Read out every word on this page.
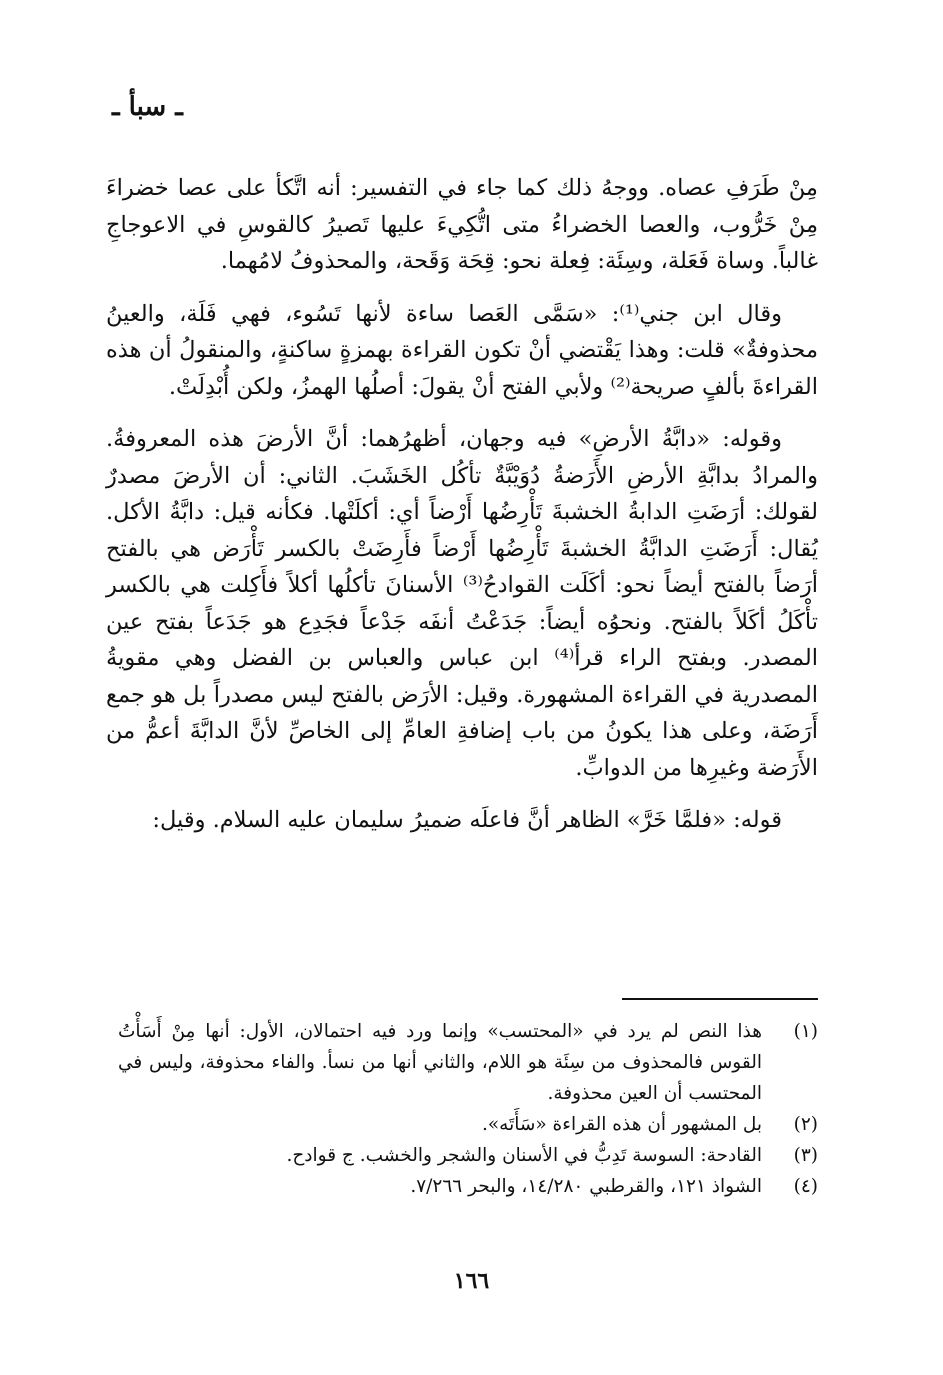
ـ سبأ ـ

مِنْ طَرَفِ عصاه. ووجهُ ذلك كما جاء في التفسير: أنه اتَّكأ على عصا خضراءَ مِنْ خَرُّوب، والعصا الخضراءُ متى اتُّكِيءَ عليها تَصيرُ كالقوسِ في الاعوجاجِ غالباً. وساة فَعَلة، وسِئَة: فِعلة نحو: قِحَة وَقَحة، والمحذوفُ لامُهما.

وقال ابن جني⁽¹⁾: «سَمَّى العَصا ساءة لأنها تَسُوء، فهي فَلَة، والعينُ محذوفةٌ» قلت: وهذا يَقْتضي أنْ تكون القراءة بهمزةٍ ساكنةٍ، والمنقولُ أن هذه القراءةَ بألفٍ صريحة⁽²⁾ ولأبي الفتح أنْ يقولَ: أصلُها الهمزُ، ولكن أُبْدِلَتْ.

وقوله: «دابَّةُ الأرضِ» فيه وجهان، أظهرُهما: أنَّ الأرضَ هذه المعروفةُ. والمرادُ بدابَّةِ الأرضِ الأَرَضةُ دُوَيْبَّةٌ تأكُل الخَشَبَ. الثاني: أن الأرضَ مصدرٌ لقولك: أرَضَتِ الدابةُ الخشبةَ تَأْرِضُها أَرْضاً أي: أكلَتْها. فكأنه قيل: دابَّةُ الأكل. يُقال: أَرَضَتِ الدابَّةُ الخشبةَ تَأْرِضُها أَرْضاً فأَرِضَتْ بالكسر تَأْرَض هي بالفتح أرَضاً بالفتح أيضاً نحو: أكَلَت القوادحُ⁽³⁾ الأسنانَ تأكلُها أكلاً فأَكِلت هي بالكسر تأْكَلُ أكَلاً بالفتح. ونحوُه أيضاً: جَدَعْتُ أنفَه جَدْعاً فجَدِع هو جَدَعاً بفتح عين المصدر. وبفتح الراء قرأ⁽⁴⁾ ابن عباس والعباس بن الفضل وهي مقويةُ المصدرية في القراءة المشهورة. وقيل: الأرَض بالفتح ليس مصدراً بل هو جمع أَرَضَة، وعلى هذا يكونُ من باب إضافةِ العامِّ إلى الخاصِّ لأنَّ الدابَّةَ أعمُّ من الأَرَضة وغيرِها من الدوابِّ.

قوله: «فلمَّا خَرَّ» الظاهر أنَّ فاعلَه ضميرُ سليمان عليه السلام. وقيل:

(١)
هذا النص لم يرد في «المحتسب» وإنما ورد فيه احتمالان، الأول: أنها مِنْ أَسَأْتُ القوس فالمحذوف من سِئَة هو اللام، والثاني أنها من نسأ. والفاء محذوفة، وليس في المحتسب أن العين محذوفة.
(٢)
بل المشهور أن هذه القراءة «سَأَتَه».
(٣)
القادحة: السوسة تَدِبُّ في الأسنان والشجر والخشب. ج قوادح.
(٤)
الشواذ ١٢١، والقرطبي ١٤/٢٨٠، والبحر ٧/٢٦٦.
١٦٦
